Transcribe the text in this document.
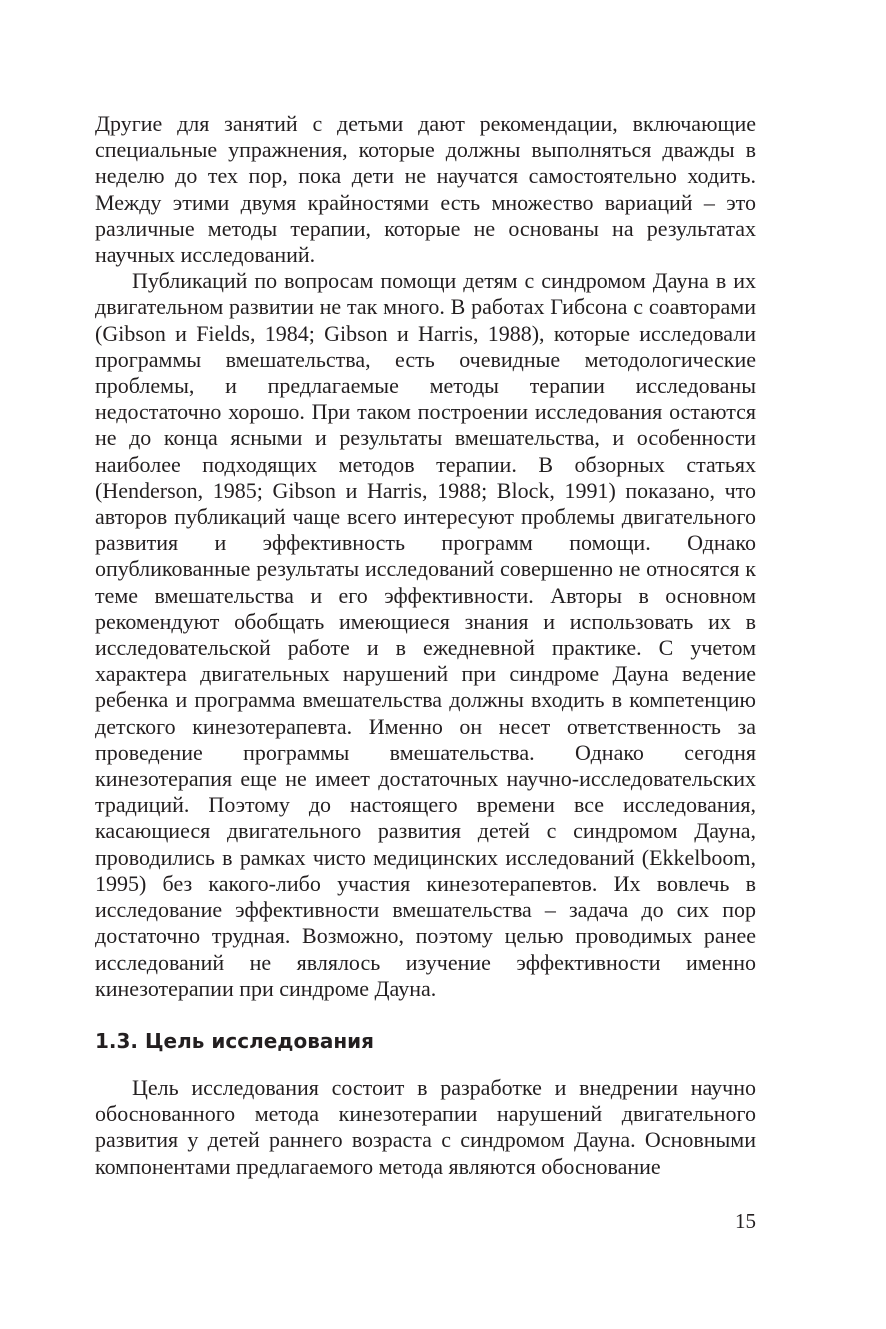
Другие для занятий с детьми дают рекомендации, включающие специальные упражнения, которые должны выполняться дважды в неделю до тех пор, пока дети не научатся самостоятельно ходить. Между этими двумя крайностями есть множество вариаций – это различные методы терапии, которые не основаны на результатах научных исследований.

Публикаций по вопросам помощи детям с синдромом Дауна в их двигательном развитии не так много. В работах Гибсона с соавторами (Gibson и Fields, 1984; Gibson и Harris, 1988), которые исследовали программы вмешательства, есть очевидные методологические проблемы, и предлагаемые методы терапии исследованы недостаточно хорошо. При таком построении исследования остаются не до конца ясными и результаты вмешательства, и особенности наиболее подходящих методов терапии. В обзорных статьях (Henderson, 1985; Gibson и Harris, 1988; Block, 1991) показано, что авторов публикаций чаще всего интересуют проблемы двигательного развития и эффективность программ помощи. Однако опубликованные результаты исследований совершенно не относятся к теме вмешательства и его эффективности. Авторы в основном рекомендуют обобщать имеющиеся знания и использовать их в исследовательской работе и в ежедневной практике. С учетом характера двигательных нарушений при синдроме Дауна ведение ребенка и программа вмешательства должны входить в компетенцию детского кинезотерапевта. Именно он несет ответственность за проведение программы вмешательства. Однако сегодня кинезотерапия еще не имеет достаточных научно-исследовательских традиций. Поэтому до настоящего времени все исследования, касающиеся двигательного развития детей с синдромом Дауна, проводились в рамках чисто медицинских исследований (Ekkelboom, 1995) без какого-либо участия кинезотерапевтов. Их вовлечь в исследование эффективности вмешательства – задача до сих пор достаточно трудная. Возможно, поэтому целью проводимых ранее исследований не являлось изучение эффективности именно кинезотерапии при синдроме Дауна.

1.3. Цель исследования

Цель исследования состоит в разработке и внедрении научно обоснованного метода кинезотерапии нарушений двигательного развития у детей раннего возраста с синдромом Дауна. Основными компонентами предлагаемого метода являются обоснование

15
